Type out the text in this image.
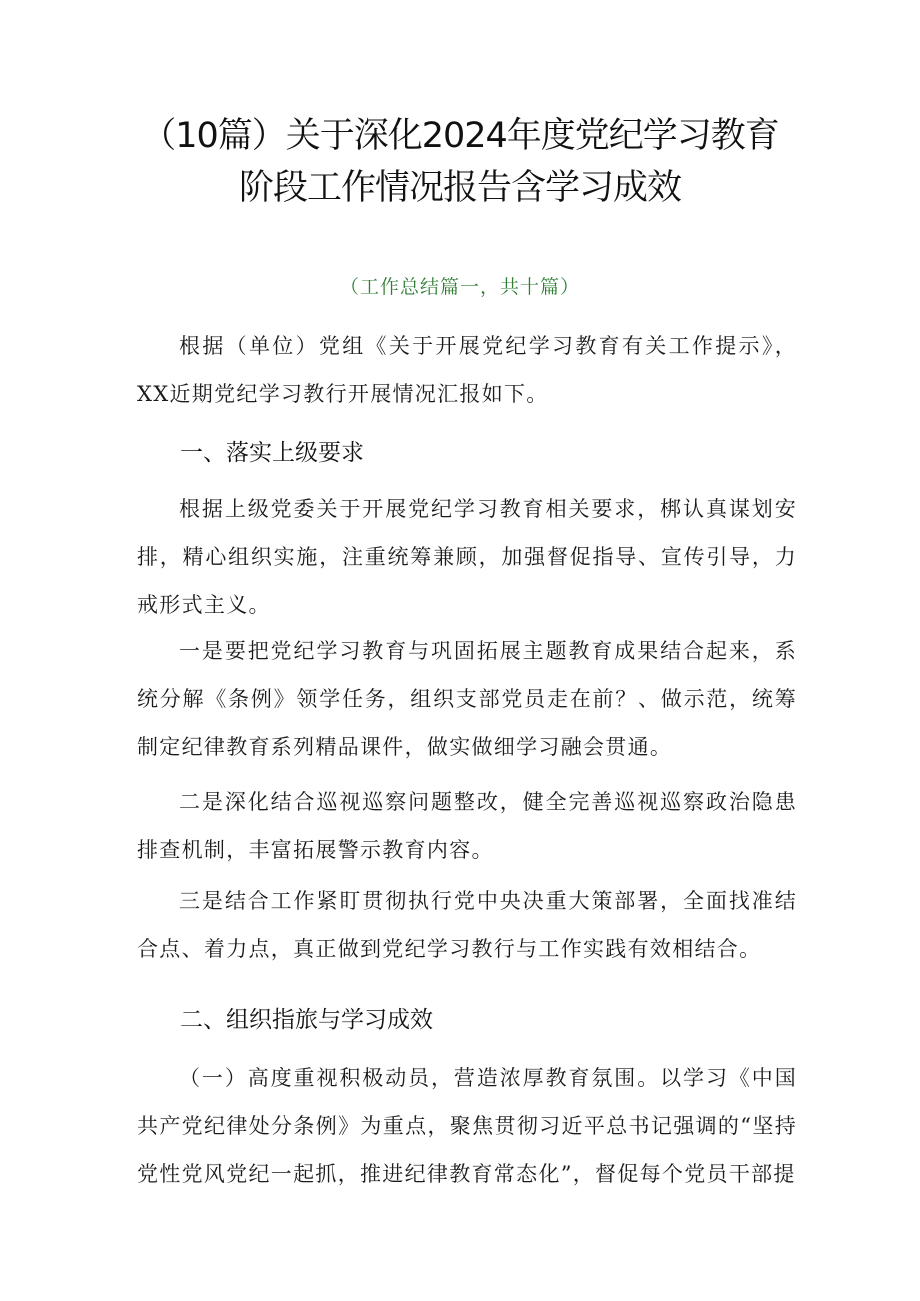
（10篇）关于深化2024年度党纪学习教育
阶段工作情况报告含学习成效
（工作总结篇一，共十篇）

根据（单位）党组《关于开展党纪学习教育有关工作提示》，XX近期党纪学习教行开展情况汇报如下。

一、落实上级要求

根据上级党委关于开展党纪学习教育相关要求，梆认真谋划安排，精心组织实施，注重统筹兼顾，加强督促指导、宣传引导，力戒形式主义。

一是要把党纪学习教育与巩固拓展主题教育成果结合起来，系统分解《条例》领学任务，组织支部党员走在前？、做示范，统筹制定纪律教育系列精品课件，做实做细学习融会贯通。

二是深化结合巡视巡察问题整改，健全完善巡视巡察政治隐患排查机制，丰富拓展警示教育内容。

三是结合工作紧盯贯彻执行党中央决重大策部署，全面找准结合点、着力点，真正做到党纪学习教行与工作实践有效相结合。

二、组织指旅与学习成效

（一）高度重视积极动员，营造浓厚教育氛围。以学习《中国共产党纪律处分条例》为重点，聚焦贯彻习近平总书记强调的“坚持党性党风党纪一起抓，推进纪律教育常态化”，督促每个党员干部提
